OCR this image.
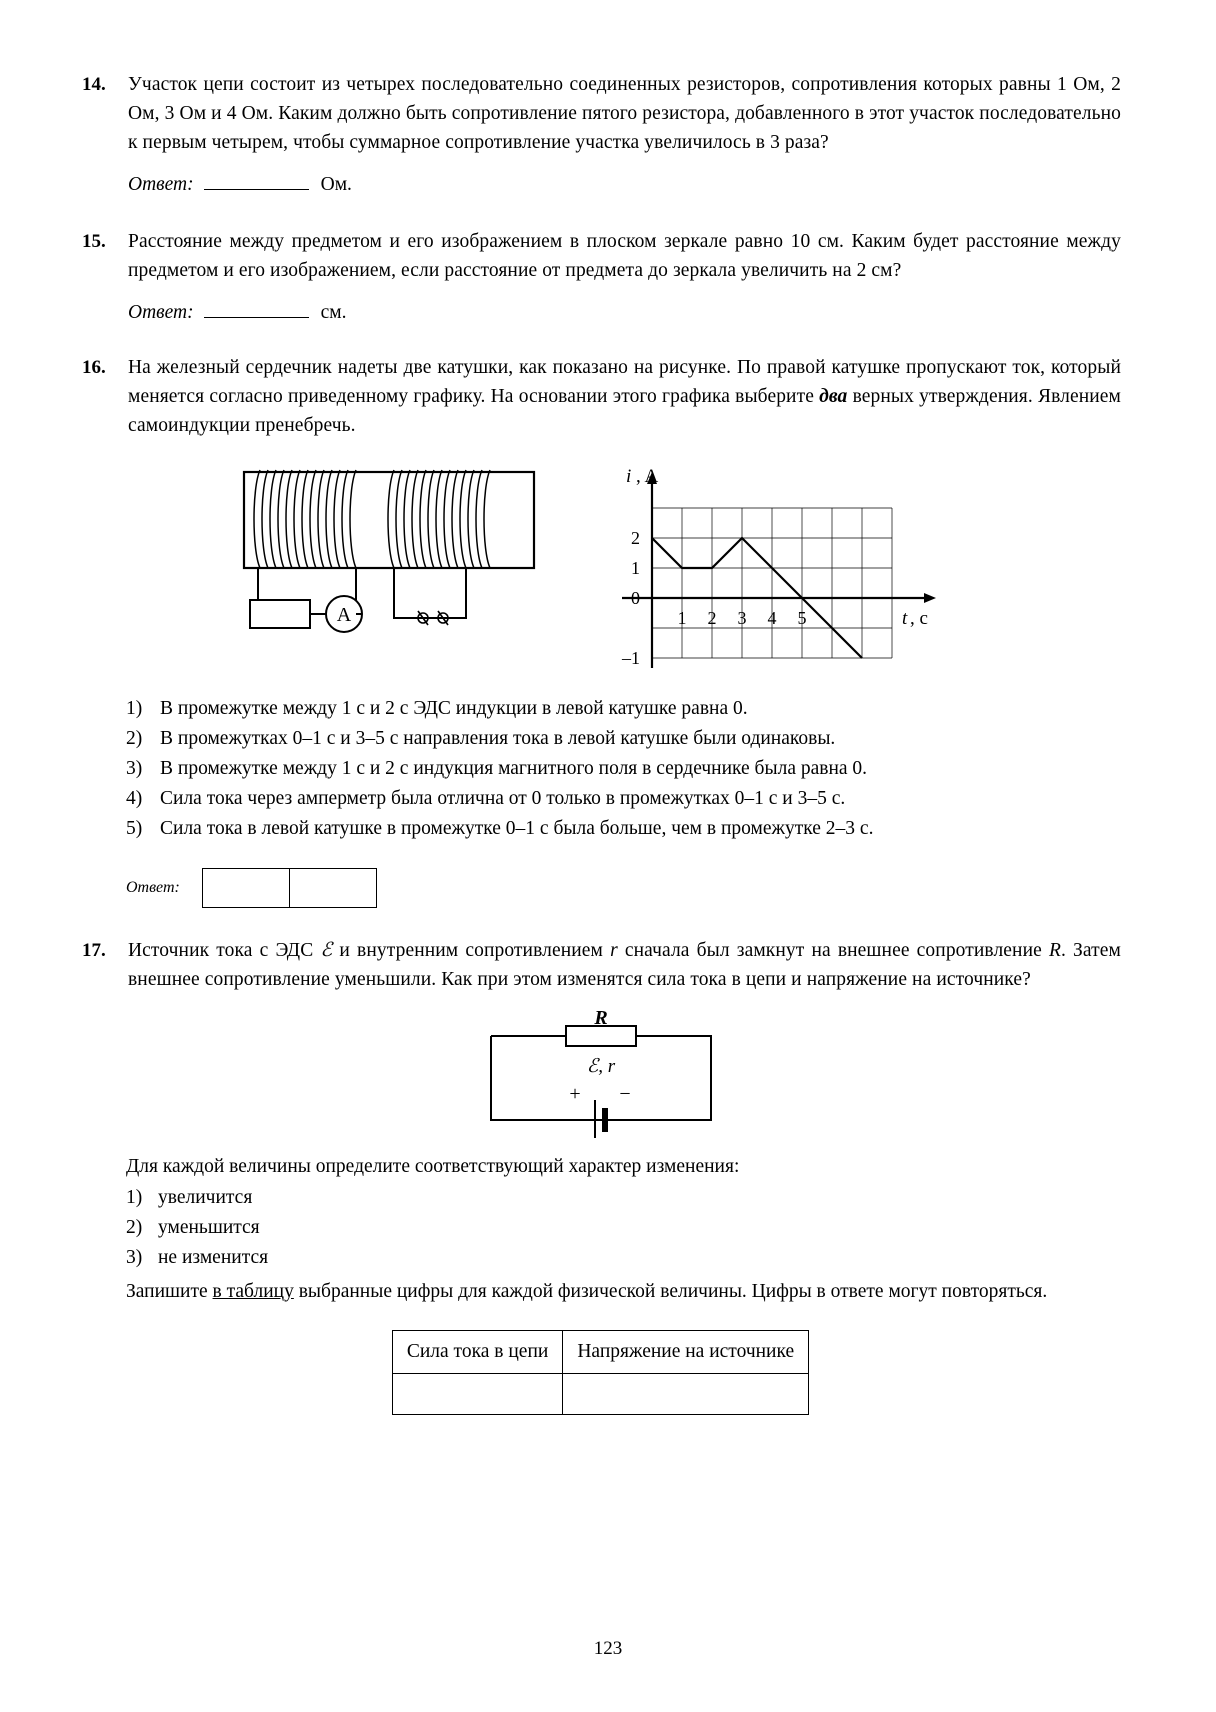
14.	Участок цепи состоит из четырех последовательно соединенных резисторов, сопротивления которых равны 1 Ом, 2 Ом, 3 Ом и 4 Ом. Каким должно быть сопротивление пятого резистора, добавленного в этот участок последовательно к первым четырем, чтобы суммарное сопротивление участка увеличилось в 3 раза?
Ответ:	Ом.
15.	Расстояние между предметом и его изображением в плоском зеркале равно 10 см. Каким будет расстояние между предметом и его изображением, если расстояние от предмета до зеркала увеличить на 2 см?
Ответ:	см.
16.	На железный сердечник надеты две катушки, как показано на рисунке. По правой катушке пропускают ток, который меняется согласно приведенному графику. На основании этого графика выберите два верных утверждения. Явлением самоиндукции пренебречь.
A
2
1
0
–1
1 2 3 4 5
i , A
t , c
1) В промежутке между 1 с и 2 с ЭДС индукции в левой катушке равна 0.
2) В промежутках 0–1 с и 3–5 с направления тока в левой катушке были одинаковы.
3) В промежутке между 1 с и 2 с индукция магнитного поля в сердечнике была равна 0.
4) Сила тока через амперметр была отлична от 0 только в промежутках 0–1 с и 3–5 с.
5) Сила тока в левой катушке в промежутке 0–1 с была больше, чем в промежутке 2–3 с.
Ответ:
17.	Источник тока с ЭДС ℰ и внутренним сопротивлением r сначала был замкнут на внешнее сопротивление R. Затем внешнее сопротивление уменьшили. Как при этом изменятся сила тока в цепи и напряжение на источнике?
R
ℰ, r
+ −
Для каждой величины определите соответствующий характер изменения:
1) увеличится
2) уменьшится
3) не изменится
Запишите в таблицу выбранные цифры для каждой физической величины. Цифры в ответе могут повторяться.
Сила тока в цепи	Напряжение на источнике

123
